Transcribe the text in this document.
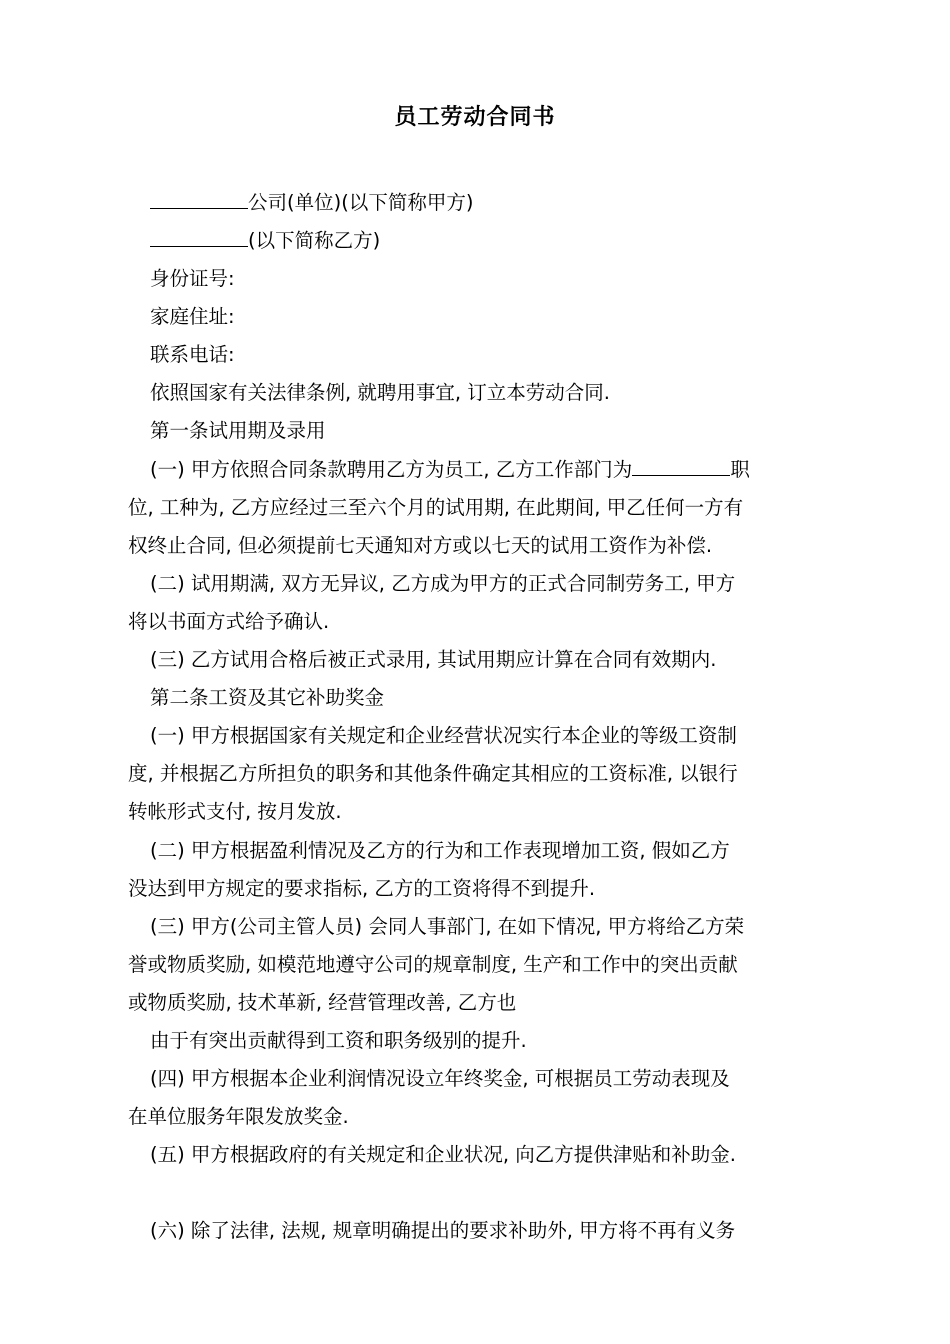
员工劳动合同书
公司(单位)(以下简称甲方)
(以下简称乙方)
身份证号:
家庭住址:
联系电话:
依照国家有关法律条例, 就聘用事宜, 订立本劳动合同.
第一条试用期及录用
(一) 甲方依照合同条款聘用乙方为员工, 乙方工作部门为	职
位, 工种为, 乙方应经过三至六个月的试用期, 在此期间, 甲乙任何一方有
权终止合同, 但必须提前七天通知对方或以七天的试用工资作为补偿.
(二) 试用期满, 双方无异议, 乙方成为甲方的正式合同制劳务工, 甲方
将以书面方式给予确认.
(三) 乙方试用合格后被正式录用, 其试用期应计算在合同有效期内.
第二条工资及其它补助奖金
(一) 甲方根据国家有关规定和企业经营状况实行本企业的等级工资制
度, 并根据乙方所担负的职务和其他条件确定其相应的工资标准, 以银行
转帐形式支付, 按月发放.
(二) 甲方根据盈利情况及乙方的行为和工作表现增加工资, 假如乙方
没达到甲方规定的要求指标, 乙方的工资将得不到提升.
(三) 甲方(公司主管人员) 会同人事部门, 在如下情况, 甲方将给乙方荣
誉或物质奖励, 如模范地遵守公司的规章制度, 生产和工作中的突出贡献
或物质奖励, 技术革新, 经营管理改善, 乙方也
由于有突出贡献得到工资和职务级别的提升.
(四) 甲方根据本企业利润情况设立年终奖金, 可根据员工劳动表现及
在单位服务年限发放奖金.
(五) 甲方根据政府的有关规定和企业状况, 向乙方提供津贴和补助金.
(六) 除了法律, 法规, 规章明确提出的要求补助外, 甲方将不再有义务
